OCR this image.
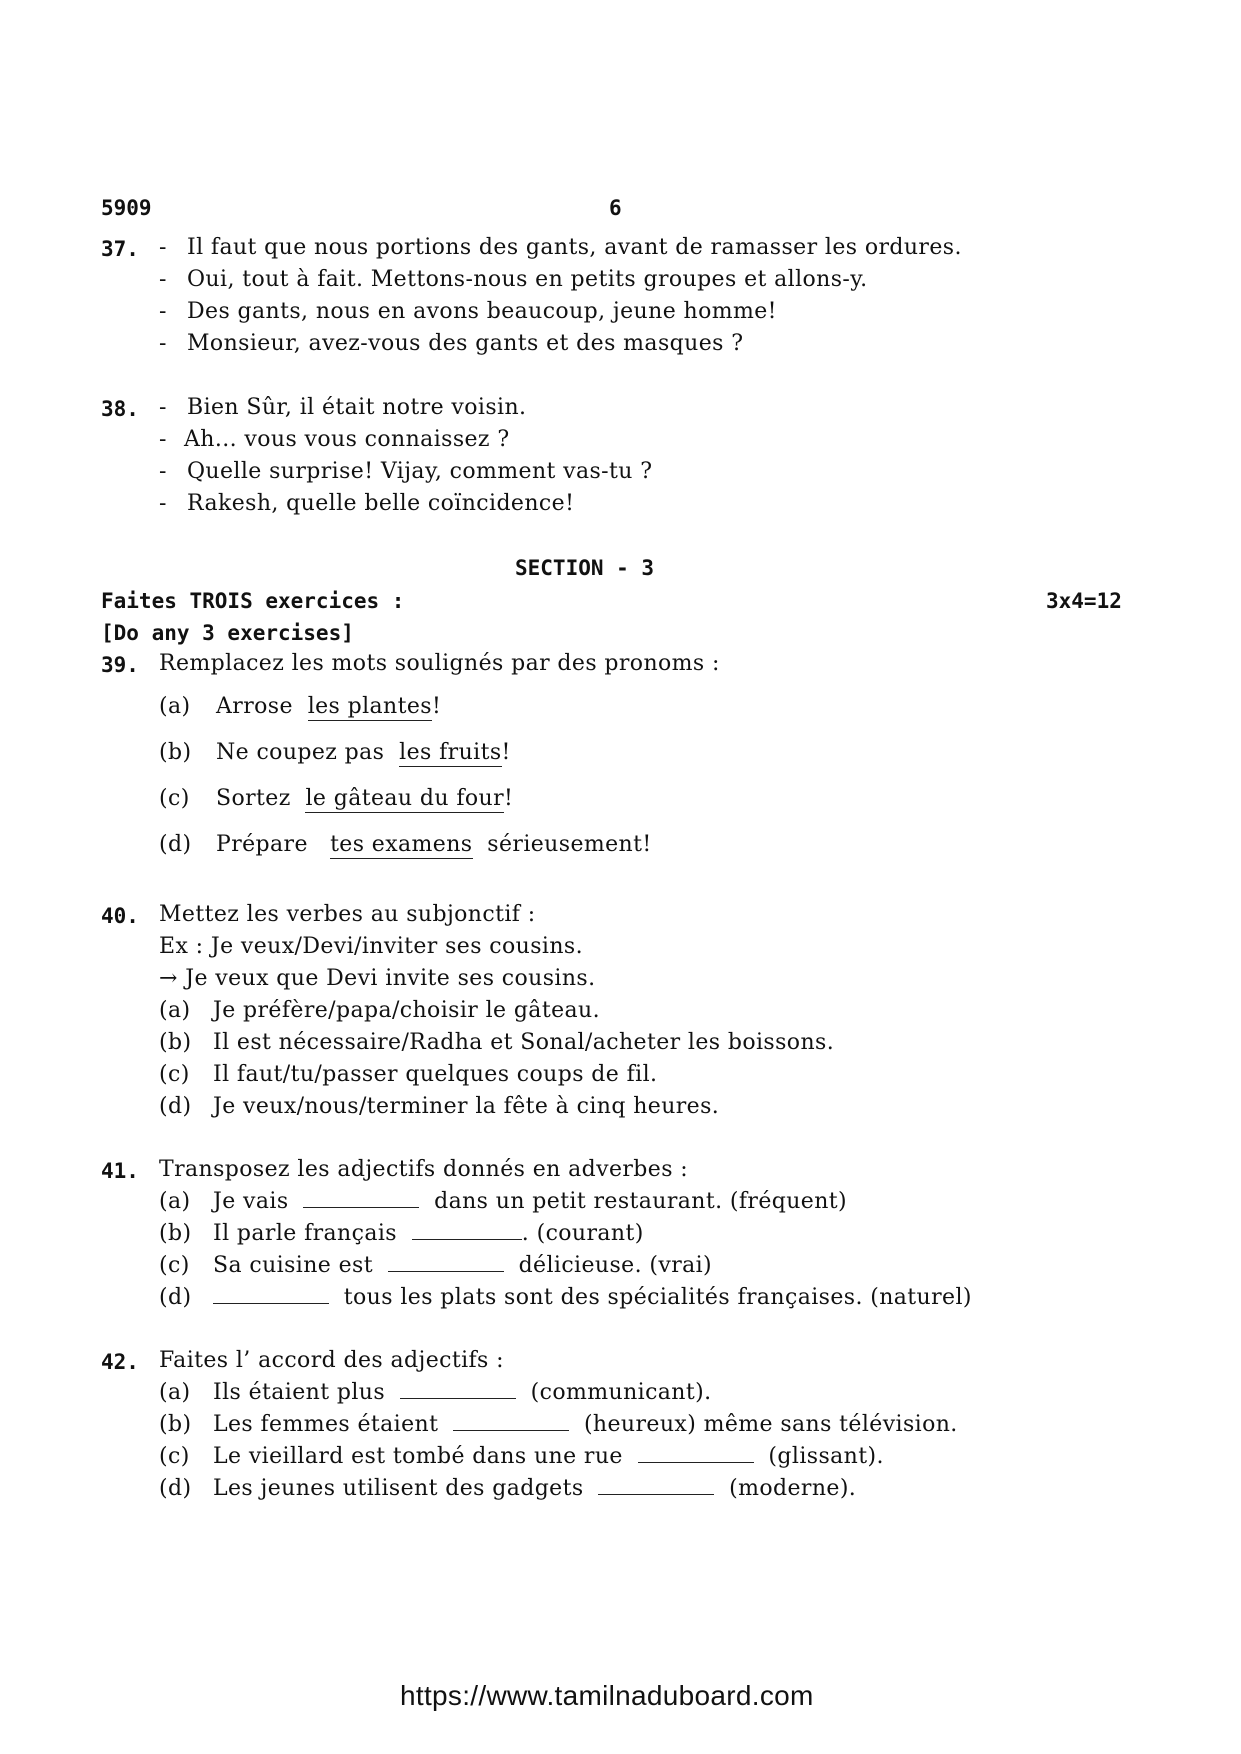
5909	6
37. - Il faut que nous portions des gants, avant de ramasser les ordures.
- Oui, tout à fait. Mettons-nous en petits groupes et allons-y.
- Des gants, nous en avons beaucoup, jeune homme!
- Monsieur, avez-vous des gants et des masques ?
38. - Bien Sûr, il était notre voisin.
- Ah... vous vous connaissez ?
- Quelle surprise! Vijay, comment vas-tu ?
- Rakesh, quelle belle coïncidence!
SECTION - 3
Faites TROIS exercices :	3x4=12
[Do any 3 exercises]
39. Remplacez les mots soulignés par des pronoms :
(a) Arrose les plantes!
(b) Ne coupez pas les fruits!
(c) Sortez le gâteau du four!
(d) Prépare tes examens sérieusement!
40. Mettez les verbes au subjonctif :
Ex : Je veux/Devi/inviter ses cousins.
→ Je veux que Devi invite ses cousins.
(a) Je préfère/papa/choisir le gâteau.
(b) Il est nécessaire/Radha et Sonal/acheter les boissons.
(c) Il faut/tu/passer quelques coups de fil.
(d) Je veux/nous/terminer la fête à cinq heures.
41. Transposez les adjectifs donnés en adverbes :
(a) Je vais	dans un petit restaurant. (fréquent)
(b) Il parle français	. (courant)
(c) Sa cuisine est	délicieuse. (vrai)
(d)	tous les plats sont des spécialités françaises. (naturel)
42. Faites l’ accord des adjectifs :
(a) Ils étaient plus	(communicant).
(b) Les femmes étaient	(heureux) même sans télévision.
(c) Le vieillard est tombé dans une rue	(glissant).
(d) Les jeunes utilisent des gadgets	(moderne).
https://www.tamilnaduboard.com
